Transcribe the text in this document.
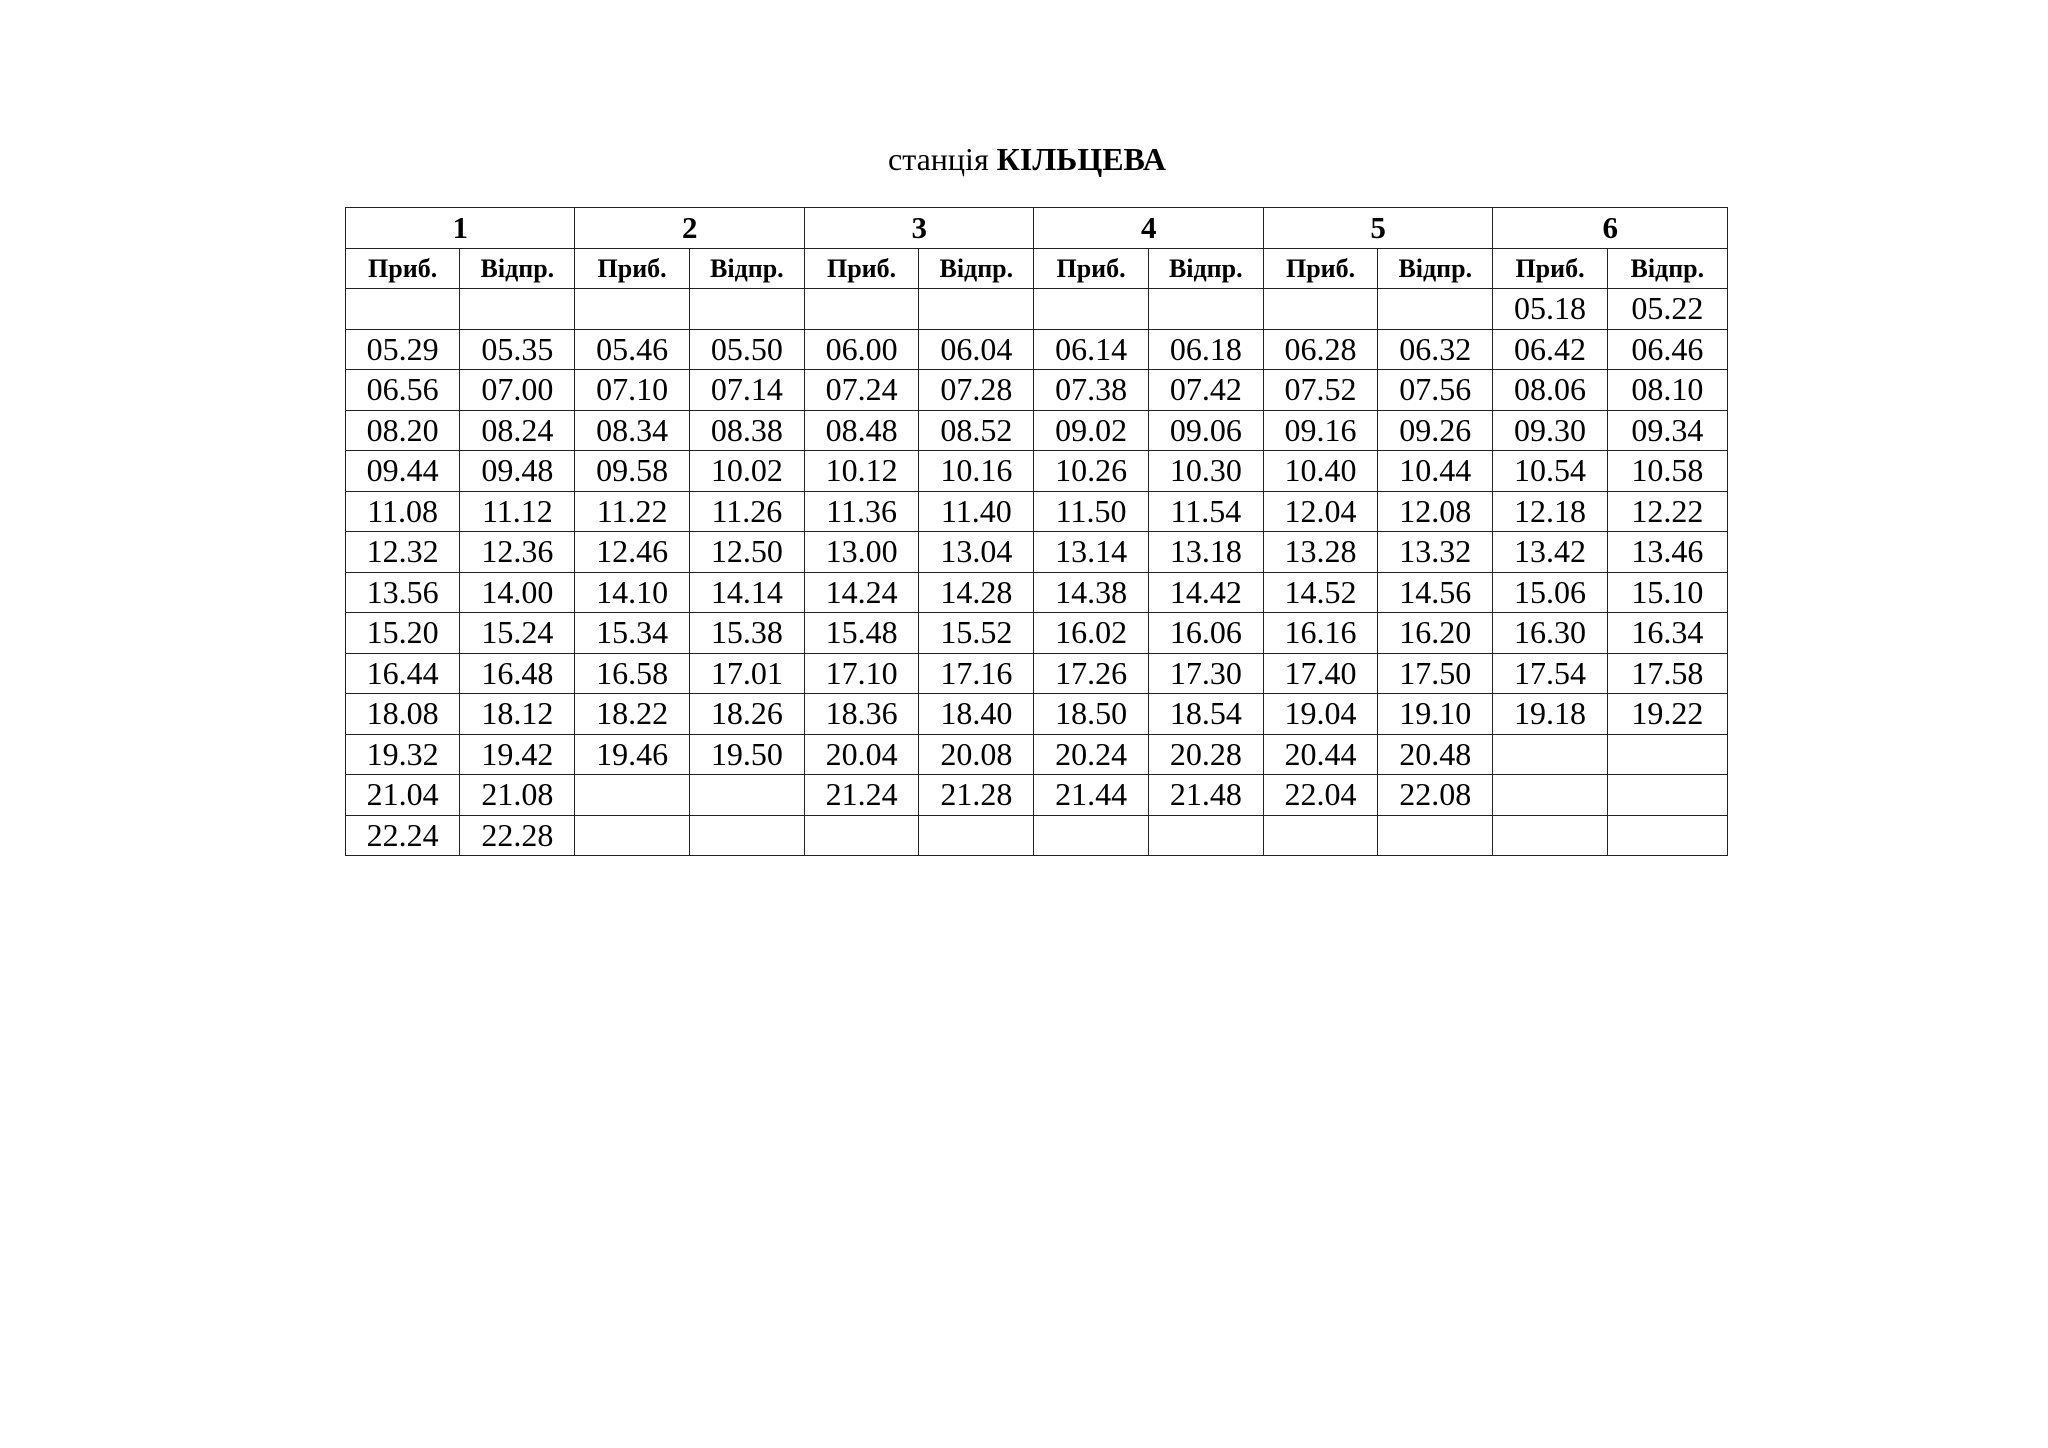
станція КІЛЬЦЕВА
1		2		3		4		5		6	
Приб.	Відпр.	Приб.	Відпр.	Приб.	Відпр.	Приб.	Відпр.	Приб.	Відпр.	Приб.	Відпр.
										05.18	05.22
05.29	05.35	05.46	05.50	06.00	06.04	06.14	06.18	06.28	06.32	06.42	06.46
06.56	07.00	07.10	07.14	07.24	07.28	07.38	07.42	07.52	07.56	08.06	08.10
08.20	08.24	08.34	08.38	08.48	08.52	09.02	09.06	09.16	09.26	09.30	09.34
09.44	09.48	09.58	10.02	10.12	10.16	10.26	10.30	10.40	10.44	10.54	10.58
11.08	11.12	11.22	11.26	11.36	11.40	11.50	11.54	12.04	12.08	12.18	12.22
12.32	12.36	12.46	12.50	13.00	13.04	13.14	13.18	13.28	13.32	13.42	13.46
13.56	14.00	14.10	14.14	14.24	14.28	14.38	14.42	14.52	14.56	15.06	15.10
15.20	15.24	15.34	15.38	15.48	15.52	16.02	16.06	16.16	16.20	16.30	16.34
16.44	16.48	16.58	17.01	17.10	17.16	17.26	17.30	17.40	17.50	17.54	17.58
18.08	18.12	18.22	18.26	18.36	18.40	18.50	18.54	19.04	19.10	19.18	19.22
19.32	19.42	19.46	19.50	20.04	20.08	20.24	20.28	20.44	20.48		
21.04	21.08			21.24	21.28	21.44	21.48	22.04	22.08		
22.24	22.28										
